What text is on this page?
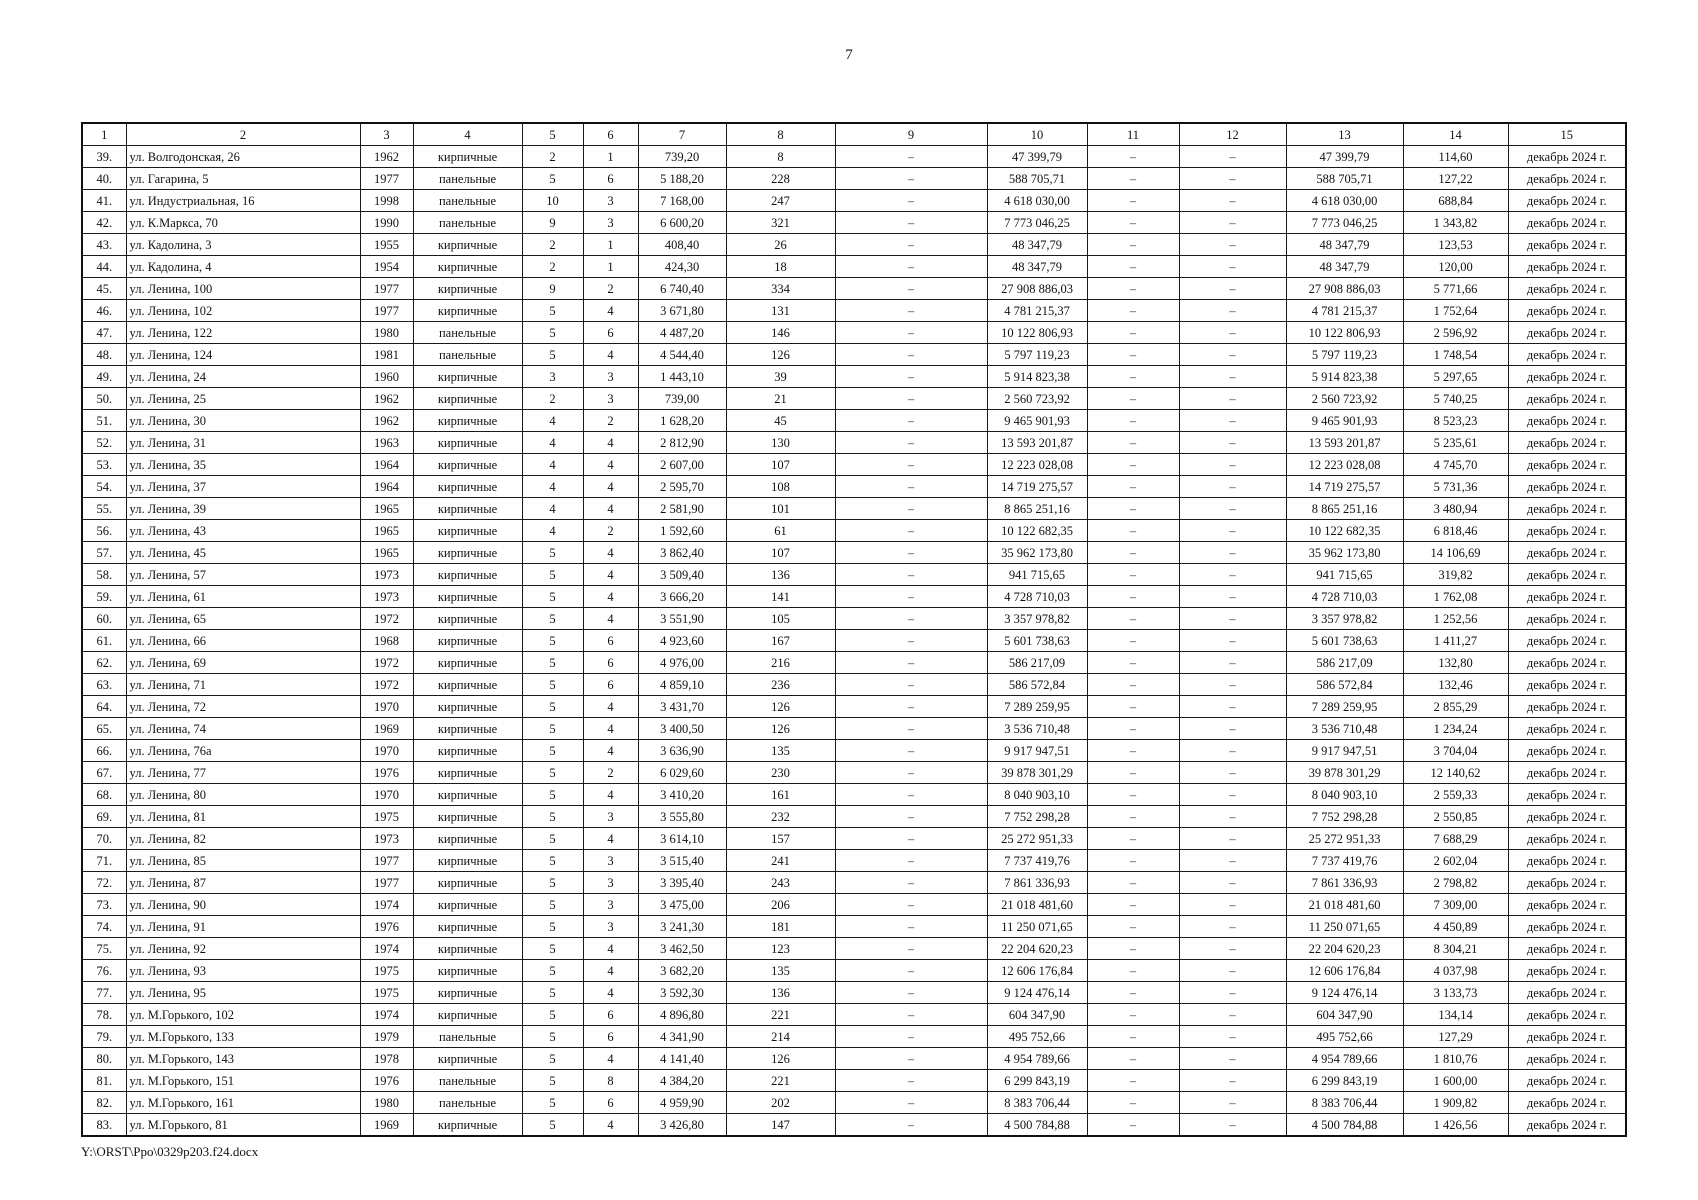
7
1	2	3	4	5	6	7	8	9	10	11	12	13	14	15
39.	ул. Волгодонская, 26	1962	кирпичные	2	1	739,20	8	–	47 399,79	–	–	47 399,79	114,60	декабрь 2024 г.
40.	ул. Гагарина, 5	1977	панельные	5	6	5 188,20	228	–	588 705,71	–	–	588 705,71	127,22	декабрь 2024 г.
41.	ул. Индустриальная, 16	1998	панельные	10	3	7 168,00	247	–	4 618 030,00	–	–	4 618 030,00	688,84	декабрь 2024 г.
42.	ул. К.Маркса, 70	1990	панельные	9	3	6 600,20	321	–	7 773 046,25	–	–	7 773 046,25	1 343,82	декабрь 2024 г.
43.	ул. Кадолина, 3	1955	кирпичные	2	1	408,40	26	–	48 347,79	–	–	48 347,79	123,53	декабрь 2024 г.
44.	ул. Кадолина, 4	1954	кирпичные	2	1	424,30	18	–	48 347,79	–	–	48 347,79	120,00	декабрь 2024 г.
45.	ул. Ленина, 100	1977	кирпичные	9	2	6 740,40	334	–	27 908 886,03	–	–	27 908 886,03	5 771,66	декабрь 2024 г.
46.	ул. Ленина, 102	1977	кирпичные	5	4	3 671,80	131	–	4 781 215,37	–	–	4 781 215,37	1 752,64	декабрь 2024 г.
47.	ул. Ленина, 122	1980	панельные	5	6	4 487,20	146	–	10 122 806,93	–	–	10 122 806,93	2 596,92	декабрь 2024 г.
48.	ул. Ленина, 124	1981	панельные	5	4	4 544,40	126	–	5 797 119,23	–	–	5 797 119,23	1 748,54	декабрь 2024 г.
49.	ул. Ленина, 24	1960	кирпичные	3	3	1 443,10	39	–	5 914 823,38	–	–	5 914 823,38	5 297,65	декабрь 2024 г.
50.	ул. Ленина, 25	1962	кирпичные	2	3	739,00	21	–	2 560 723,92	–	–	2 560 723,92	5 740,25	декабрь 2024 г.
51.	ул. Ленина, 30	1962	кирпичные	4	2	1 628,20	45	–	9 465 901,93	–	–	9 465 901,93	8 523,23	декабрь 2024 г.
52.	ул. Ленина, 31	1963	кирпичные	4	4	2 812,90	130	–	13 593 201,87	–	–	13 593 201,87	5 235,61	декабрь 2024 г.
53.	ул. Ленина, 35	1964	кирпичные	4	4	2 607,00	107	–	12 223 028,08	–	–	12 223 028,08	4 745,70	декабрь 2024 г.
54.	ул. Ленина, 37	1964	кирпичные	4	4	2 595,70	108	–	14 719 275,57	–	–	14 719 275,57	5 731,36	декабрь 2024 г.
55.	ул. Ленина, 39	1965	кирпичные	4	4	2 581,90	101	–	8 865 251,16	–	–	8 865 251,16	3 480,94	декабрь 2024 г.
56.	ул. Ленина, 43	1965	кирпичные	4	2	1 592,60	61	–	10 122 682,35	–	–	10 122 682,35	6 818,46	декабрь 2024 г.
57.	ул. Ленина, 45	1965	кирпичные	5	4	3 862,40	107	–	35 962 173,80	–	–	35 962 173,80	14 106,69	декабрь 2024 г.
58.	ул. Ленина, 57	1973	кирпичные	5	4	3 509,40	136	–	941 715,65	–	–	941 715,65	319,82	декабрь 2024 г.
59.	ул. Ленина, 61	1973	кирпичные	5	4	3 666,20	141	–	4 728 710,03	–	–	4 728 710,03	1 762,08	декабрь 2024 г.
60.	ул. Ленина, 65	1972	кирпичные	5	4	3 551,90	105	–	3 357 978,82	–	–	3 357 978,82	1 252,56	декабрь 2024 г.
61.	ул. Ленина, 66	1968	кирпичные	5	6	4 923,60	167	–	5 601 738,63	–	–	5 601 738,63	1 411,27	декабрь 2024 г.
62.	ул. Ленина, 69	1972	кирпичные	5	6	4 976,00	216	–	586 217,09	–	–	586 217,09	132,80	декабрь 2024 г.
63.	ул. Ленина, 71	1972	кирпичные	5	6	4 859,10	236	–	586 572,84	–	–	586 572,84	132,46	декабрь 2024 г.
64.	ул. Ленина, 72	1970	кирпичные	5	4	3 431,70	126	–	7 289 259,95	–	–	7 289 259,95	2 855,29	декабрь 2024 г.
65.	ул. Ленина, 74	1969	кирпичные	5	4	3 400,50	126	–	3 536 710,48	–	–	3 536 710,48	1 234,24	декабрь 2024 г.
66.	ул. Ленина, 76а	1970	кирпичные	5	4	3 636,90	135	–	9 917 947,51	–	–	9 917 947,51	3 704,04	декабрь 2024 г.
67.	ул. Ленина, 77	1976	кирпичные	5	2	6 029,60	230	–	39 878 301,29	–	–	39 878 301,29	12 140,62	декабрь 2024 г.
68.	ул. Ленина, 80	1970	кирпичные	5	4	3 410,20	161	–	8 040 903,10	–	–	8 040 903,10	2 559,33	декабрь 2024 г.
69.	ул. Ленина, 81	1975	кирпичные	5	3	3 555,80	232	–	7 752 298,28	–	–	7 752 298,28	2 550,85	декабрь 2024 г.
70.	ул. Ленина, 82	1973	кирпичные	5	4	3 614,10	157	–	25 272 951,33	–	–	25 272 951,33	7 688,29	декабрь 2024 г.
71.	ул. Ленина, 85	1977	кирпичные	5	3	3 515,40	241	–	7 737 419,76	–	–	7 737 419,76	2 602,04	декабрь 2024 г.
72.	ул. Ленина, 87	1977	кирпичные	5	3	3 395,40	243	–	7 861 336,93	–	–	7 861 336,93	2 798,82	декабрь 2024 г.
73.	ул. Ленина, 90	1974	кирпичные	5	3	3 475,00	206	–	21 018 481,60	–	–	21 018 481,60	7 309,00	декабрь 2024 г.
74.	ул. Ленина, 91	1976	кирпичные	5	3	3 241,30	181	–	11 250 071,65	–	–	11 250 071,65	4 450,89	декабрь 2024 г.
75.	ул. Ленина, 92	1974	кирпичные	5	4	3 462,50	123	–	22 204 620,23	–	–	22 204 620,23	8 304,21	декабрь 2024 г.
76.	ул. Ленина, 93	1975	кирпичные	5	4	3 682,20	135	–	12 606 176,84	–	–	12 606 176,84	4 037,98	декабрь 2024 г.
77.	ул. Ленина, 95	1975	кирпичные	5	4	3 592,30	136	–	9 124 476,14	–	–	9 124 476,14	3 133,73	декабрь 2024 г.
78.	ул. М.Горького, 102	1974	кирпичные	5	6	4 896,80	221	–	604 347,90	–	–	604 347,90	134,14	декабрь 2024 г.
79.	ул. М.Горького, 133	1979	панельные	5	6	4 341,90	214	–	495 752,66	–	–	495 752,66	127,29	декабрь 2024 г.
80.	ул. М.Горького, 143	1978	кирпичные	5	4	4 141,40	126	–	4 954 789,66	–	–	4 954 789,66	1 810,76	декабрь 2024 г.
81.	ул. М.Горького, 151	1976	панельные	5	8	4 384,20	221	–	6 299 843,19	–	–	6 299 843,19	1 600,00	декабрь 2024 г.
82.	ул. М.Горького, 161	1980	панельные	5	6	4 959,90	202	–	8 383 706,44	–	–	8 383 706,44	1 909,82	декабрь 2024 г.
83.	ул. М.Горького, 81	1969	кирпичные	5	4	3 426,80	147	–	4 500 784,88	–	–	4 500 784,88	1 426,56	декабрь 2024 г.
Y:\ORST\Ppo\0329p203.f24.docx
